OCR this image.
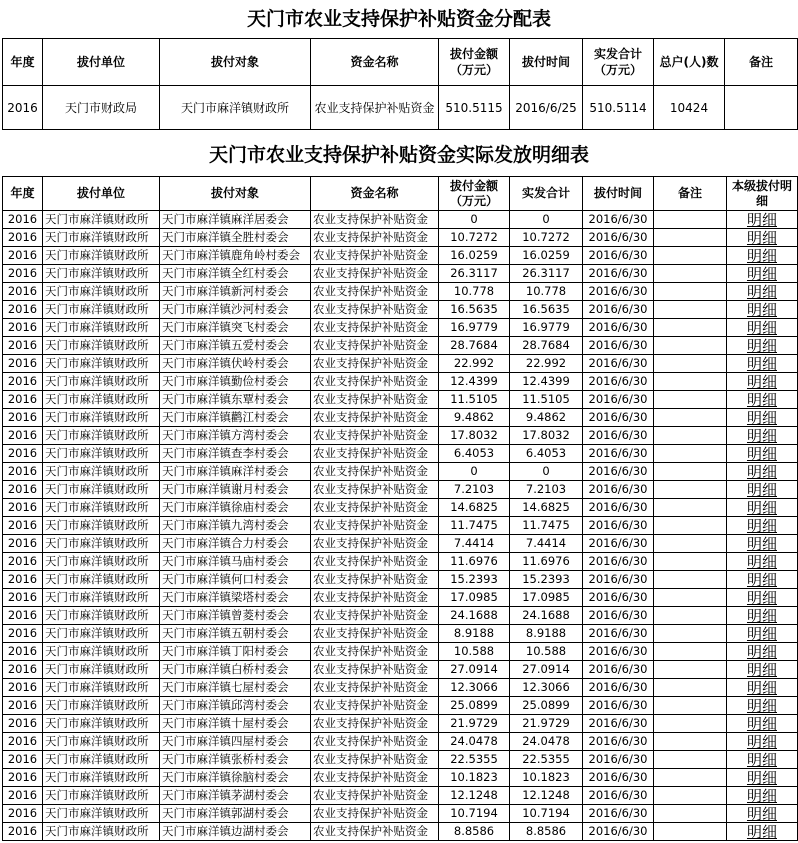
天门市农业支持保护补贴资金分配表
年度	拔付单位	拔付对象	资金名称	拔付金额（万元）	拔付时间	实发合计（万元）	总户(人)数	备注
2016	天门市财政局	天门市麻洋镇财政所	农业支持保护补贴资金	510.5115	2016/6/25	510.5114	10424	
天门市农业支持保护补贴资金实际发放明细表
年度	拔付单位	拔付对象	资金名称	拔付金额（万元）	实发合计	拔付时间	备注	本级拔付明细
2016	天门市麻洋镇财政所	天门市麻洋镇麻洋居委会	农业支持保护补贴资金	0	0	2016/6/30		明细
2016	天门市麻洋镇财政所	天门市麻洋镇全胜村委会	农业支持保护补贴资金	10.7272	10.7272	2016/6/30		明细
2016	天门市麻洋镇财政所	天门市麻洋镇鹿角岭村委会	农业支持保护补贴资金	16.0259	16.0259	2016/6/30		明细
2016	天门市麻洋镇财政所	天门市麻洋镇全红村委会	农业支持保护补贴资金	26.3117	26.3117	2016/6/30		明细
2016	天门市麻洋镇财政所	天门市麻洋镇新河村委会	农业支持保护补贴资金	10.778	10.778	2016/6/30		明细
2016	天门市麻洋镇财政所	天门市麻洋镇沙河村委会	农业支持保护补贴资金	16.5635	16.5635	2016/6/30		明细
2016	天门市麻洋镇财政所	天门市麻洋镇突飞村委会	农业支持保护补贴资金	16.9779	16.9779	2016/6/30		明细
2016	天门市麻洋镇财政所	天门市麻洋镇五爱村委会	农业支持保护补贴资金	28.7684	28.7684	2016/6/30		明细
2016	天门市麻洋镇财政所	天门市麻洋镇伏岭村委会	农业支持保护补贴资金	22.992	22.992	2016/6/30		明细
2016	天门市麻洋镇财政所	天门市麻洋镇勤俭村委会	农业支持保护补贴资金	12.4399	12.4399	2016/6/30		明细
2016	天门市麻洋镇财政所	天门市麻洋镇东覃村委会	农业支持保护补贴资金	11.5105	11.5105	2016/6/30		明细
2016	天门市麻洋镇财政所	天门市麻洋镇鹳江村委会	农业支持保护补贴资金	9.4862	9.4862	2016/6/30		明细
2016	天门市麻洋镇财政所	天门市麻洋镇方湾村委会	农业支持保护补贴资金	17.8032	17.8032	2016/6/30		明细
2016	天门市麻洋镇财政所	天门市麻洋镇查李村委会	农业支持保护补贴资金	6.4053	6.4053	2016/6/30		明细
2016	天门市麻洋镇财政所	天门市麻洋镇麻洋村委会	农业支持保护补贴资金	0	0	2016/6/30		明细
2016	天门市麻洋镇财政所	天门市麻洋镇谢月村委会	农业支持保护补贴资金	7.2103	7.2103	2016/6/30		明细
2016	天门市麻洋镇财政所	天门市麻洋镇徐庙村委会	农业支持保护补贴资金	14.6825	14.6825	2016/6/30		明细
2016	天门市麻洋镇财政所	天门市麻洋镇九湾村委会	农业支持保护补贴资金	11.7475	11.7475	2016/6/30		明细
2016	天门市麻洋镇财政所	天门市麻洋镇合力村委会	农业支持保护补贴资金	7.4414	7.4414	2016/6/30		明细
2016	天门市麻洋镇财政所	天门市麻洋镇马庙村委会	农业支持保护补贴资金	11.6976	11.6976	2016/6/30		明细
2016	天门市麻洋镇财政所	天门市麻洋镇何口村委会	农业支持保护补贴资金	15.2393	15.2393	2016/6/30		明细
2016	天门市麻洋镇财政所	天门市麻洋镇梁塔村委会	农业支持保护补贴资金	17.0985	17.0985	2016/6/30		明细
2016	天门市麻洋镇财政所	天门市麻洋镇曾菱村委会	农业支持保护补贴资金	24.1688	24.1688	2016/6/30		明细
2016	天门市麻洋镇财政所	天门市麻洋镇五朝村委会	农业支持保护补贴资金	8.9188	8.9188	2016/6/30		明细
2016	天门市麻洋镇财政所	天门市麻洋镇丁阳村委会	农业支持保护补贴资金	10.588	10.588	2016/6/30		明细
2016	天门市麻洋镇财政所	天门市麻洋镇白桥村委会	农业支持保护补贴资金	27.0914	27.0914	2016/6/30		明细
2016	天门市麻洋镇财政所	天门市麻洋镇七屋村委会	农业支持保护补贴资金	12.3066	12.3066	2016/6/30		明细
2016	天门市麻洋镇财政所	天门市麻洋镇邱湾村委会	农业支持保护补贴资金	25.0899	25.0899	2016/6/30		明细
2016	天门市麻洋镇财政所	天门市麻洋镇十屋村委会	农业支持保护补贴资金	21.9729	21.9729	2016/6/30		明细
2016	天门市麻洋镇财政所	天门市麻洋镇四屋村委会	农业支持保护补贴资金	24.0478	24.0478	2016/6/30		明细
2016	天门市麻洋镇财政所	天门市麻洋镇张桥村委会	农业支持保护补贴资金	22.5355	22.5355	2016/6/30		明细
2016	天门市麻洋镇财政所	天门市麻洋镇徐脑村委会	农业支持保护补贴资金	10.1823	10.1823	2016/6/30		明细
2016	天门市麻洋镇财政所	天门市麻洋镇茅湖村委会	农业支持保护补贴资金	12.1248	12.1248	2016/6/30		明细
2016	天门市麻洋镇财政所	天门市麻洋镇郭湖村委会	农业支持保护补贴资金	10.7194	10.7194	2016/6/30		明细
2016	天门市麻洋镇财政所	天门市麻洋镇边湖村委会	农业支持保护补贴资金	8.8586	8.8586	2016/6/30		明细
